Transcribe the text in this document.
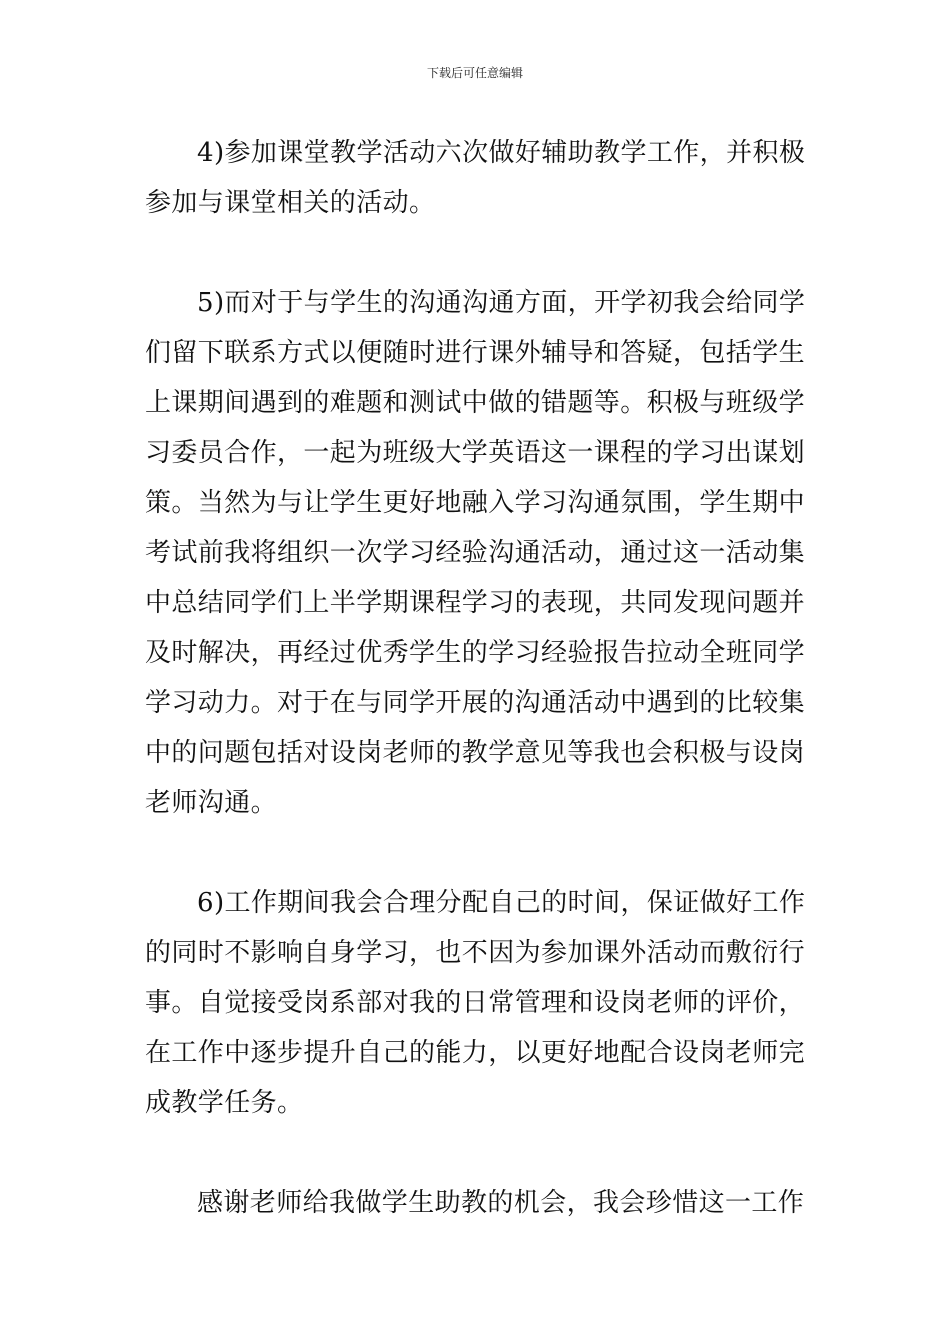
下载后可任意编辑

4)参加课堂教学活动六次做好辅助教学工作，并积极参加与课堂相关的活动。

5)而对于与学生的沟通沟通方面，开学初我会给同学们留下联系方式以便随时进行课外辅导和答疑，包括学生上课期间遇到的难题和测试中做的错题等。积极与班级学习委员合作，一起为班级大学英语这一课程的学习出谋划策。当然为与让学生更好地融入学习沟通氛围，学生期中考试前我将组织一次学习经验沟通活动，通过这一活动集中总结同学们上半学期课程学习的表现，共同发现问题并及时解决，再经过优秀学生的学习经验报告拉动全班同学学习动力。对于在与同学开展的沟通活动中遇到的比较集中的问题包括对设岗老师的教学意见等我也会积极与设岗老师沟通。

6)工作期间我会合理分配自己的时间，保证做好工作的同时不影响自身学习，也不因为参加课外活动而敷衍行事。自觉接受岗系部对我的日常管理和设岗老师的评价，在工作中逐步提升自己的能力，以更好地配合设岗老师完成教学任务。

感谢老师给我做学生助教的机会，我会珍惜这一工作
